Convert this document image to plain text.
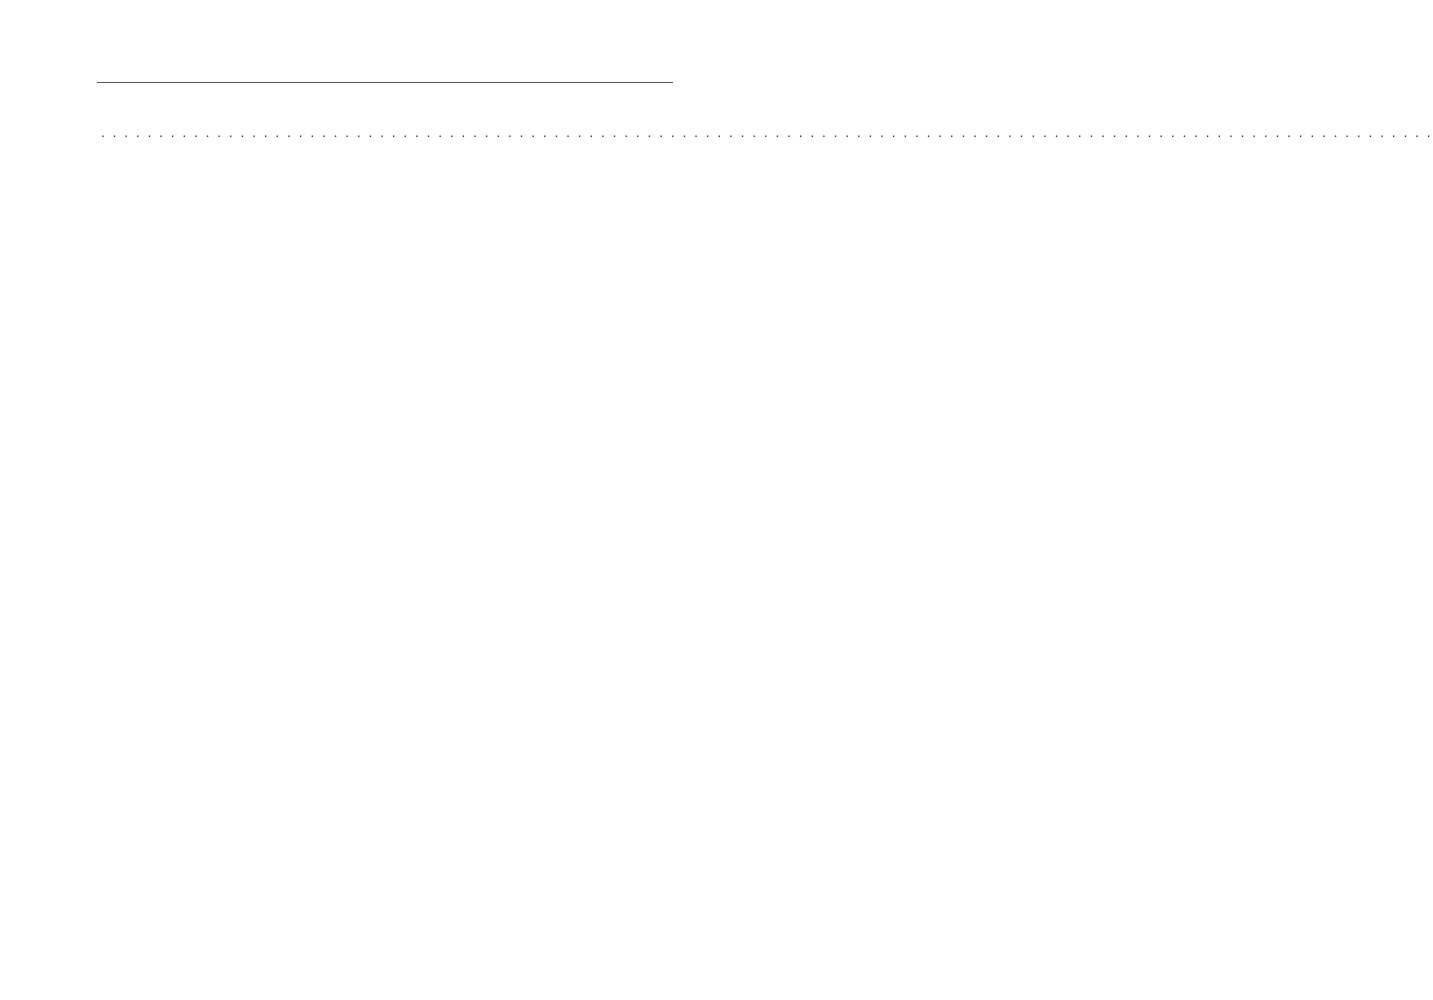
. . . . . . . . . . . . . . . . . . . . . . . . . . . . . . . . . . . . . . . . . . . . . . . . . . . . . . . . . . . . . . . . . . . . . . . . . . . . . . . . . . . . . . . . . . . . . . . . . . . . . . . . . . . . . . . . . . .
